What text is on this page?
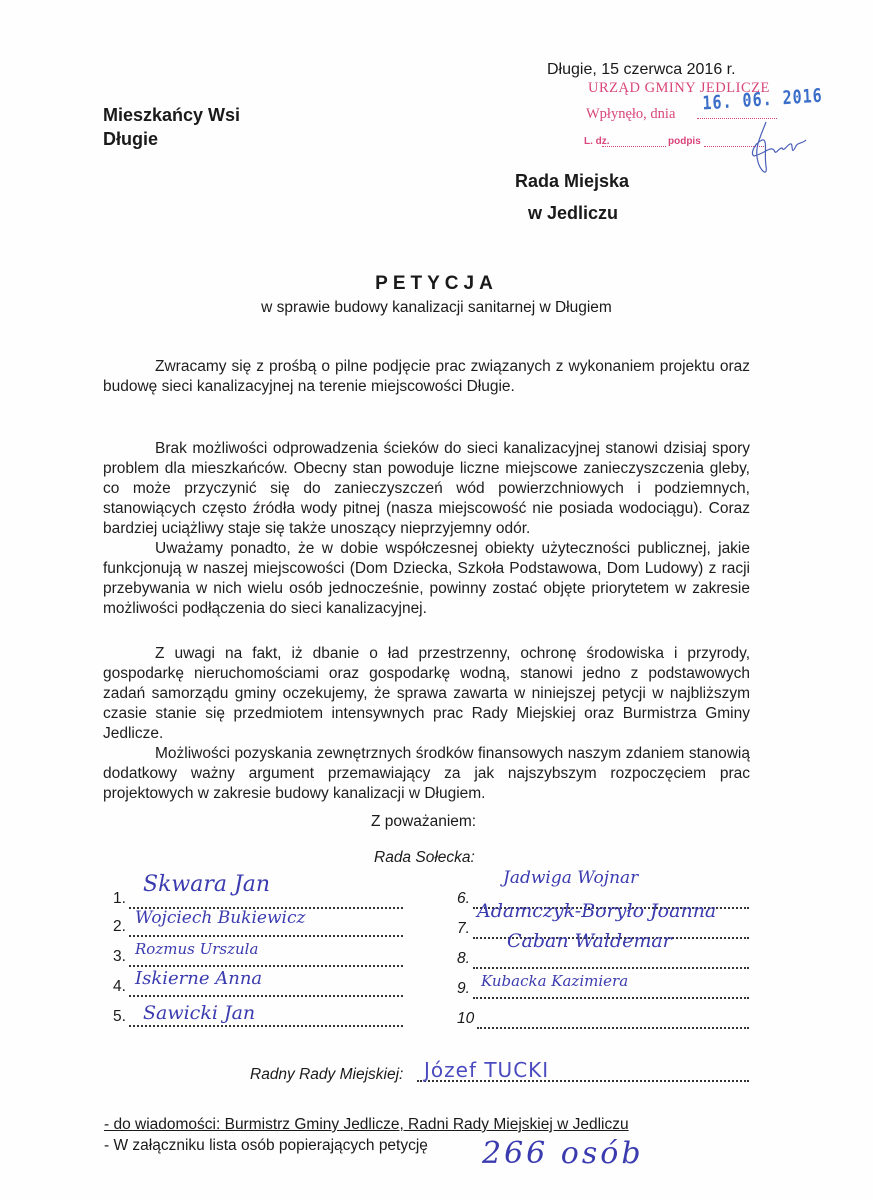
Długie, 15 czerwca 2016 r.
Mieszkańcy Wsi
Długie
URZĄD GMINY JEDLICZE
Wpłynęło, dnia
L. dz.	podpis
16. 06. 2016
Rada Miejska
w Jedliczu
PETYCJA
w sprawie budowy kanalizacji sanitarnej w Długiem

Zwracamy się z prośbą o pilne podjęcie prac związanych z wykonaniem projektu oraz budowę sieci kanalizacyjnej na terenie miejscowości Długie.

Brak możliwości odprowadzenia ścieków do sieci kanalizacyjnej stanowi dzisiaj spory problem dla mieszkańców. Obecny stan powoduje liczne miejscowe zanieczyszczenia gleby, co może przyczynić się do zanieczyszczeń wód powierzchniowych i podziemnych, stanowiących często źródła wody pitnej (nasza miejscowość nie posiada wodociągu). Coraz bardziej uciążliwy staje się także unoszący nieprzyjemny odór.

Uważamy ponadto, że w dobie współczesnej obiekty użyteczności publicznej, jakie funkcjonują w naszej miejscowości (Dom Dziecka, Szkoła Podstawowa, Dom Ludowy) z racji przebywania w nich wielu osób jednocześnie, powinny zostać objęte priorytetem w zakresie możliwości podłączenia do sieci kanalizacyjnej.

Z uwagi na fakt, iż dbanie o ład przestrzenny, ochronę środowiska i przyrody, gospodarkę nieruchomościami oraz gospodarkę wodną, stanowi jedno z podstawowych zadań samorządu gminy oczekujemy, że sprawa zawarta w niniejszej petycji w najbliższym czasie stanie się przedmiotem intensywnych prac Rady Miejskiej oraz Burmistrza Gminy Jedlicze.

Możliwości pozyskania zewnętrznych środków finansowych naszym zdaniem stanowią dodatkowy ważny argument przemawiający za jak najszybszym rozpoczęciem prac projektowych w zakresie budowy kanalizacji w Długiem.

Z poważaniem:
Rada Sołecka:
1.
Skwara Jan
2. Wojciech Bukiewicz
3. Rozmus Urszula
4. Iskierne Anna
5. Sawicki Jan
6.
Jadwiga Wojnar
7.
Adamczyk-Boryło Joanna
8.
Caban Waldemar
9. Kubacka Kazimiera
10
Radny Rady Miejskiej: Józef TUCKI
- do wiadomości: Burmistrz Gminy Jedlicze, Radni Rady Miejskiej w Jedliczu
- W załączniku lista osób popierających petycję 266 osób
